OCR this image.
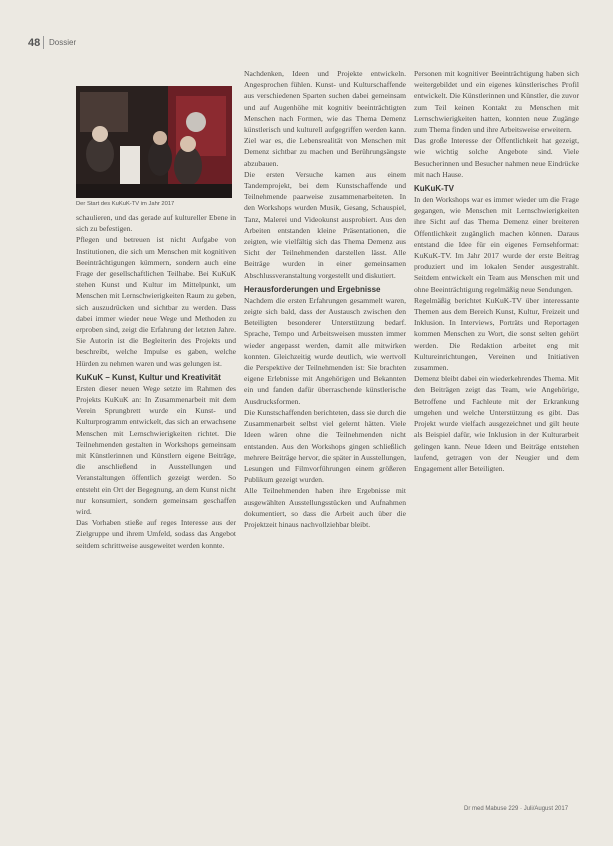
48 Dossier
Der Start des KuKuK-TV im Jahr 2017

schaulieren, und das gerade auf kultureller Ebene in sich zu befestigen.

Pflegen und betreuen ist nicht Aufgabe von Institutionen, die sich um Menschen mit kognitiven Beeinträchtigungen kümmern, sondern auch eine Frage der gesellschaftlichen Teilhabe. Bei KuKuK stehen Kunst und Kultur im Mittelpunkt, um Menschen mit Lernschwierigkeiten Raum zu geben, sich auszudrücken und sichtbar zu werden. Dass dabei immer wieder neue Wege und Methoden zu erproben sind, zeigt die Erfahrung der letzten Jahre. Sie Autorin ist die Begleiterin des Projekts und beschreibt, welche Impulse es gaben, welche Hürden zu nehmen waren und was gelungen ist.

KuKuK – Kunst, Kultur und Kreativität

Ersten dieser neuen Wege setzte im Rahmen des Projekts KuKuK an: In Zusammenarbeit mit dem Verein Sprungbrett wurde ein Kunst- und Kulturprogramm entwickelt, das sich an erwachsene Menschen mit Lernschwierigkeiten richtet. Die Teilnehmenden gestalten in Workshops gemeinsam mit Künstlerinnen und Künstlern eigene Beiträge, die anschließend in Ausstellungen und Veranstaltungen öffentlich gezeigt werden. So entsteht ein Ort der Begegnung, an dem Kunst nicht nur konsumiert, sondern gemeinsam geschaffen wird.

Das Vorhaben stieße auf reges Interesse aus der Zielgruppe und ihrem Umfeld, sodass das Angebot seitdem schrittweise ausgeweitet werden konnte.

Nachdenken, Ideen und Projekte entwickeln. Angesprochen fühlen. Kunst- und Kulturschaffende aus verschiedenen Sparten suchen dabei gemeinsam und auf Augenhöhe mit kognitiv beeinträchtigten Menschen nach Formen, wie das Thema Demenz künstlerisch und kulturell aufgegriffen werden kann. Ziel war es, die Lebensrealität von Menschen mit Demenz sichtbar zu machen und Berührungsängste abzubauen.

Die ersten Versuche kamen aus einem Tandemprojekt, bei dem Kunstschaffende und Teilnehmende paarweise zusammenarbeiteten. In den Workshops wurden Musik, Gesang, Schauspiel, Tanz, Malerei und Videokunst ausprobiert. Aus den Arbeiten entstanden kleine Präsentationen, die zeigten, wie vielfältig sich das Thema Demenz aus Sicht der Teilnehmenden darstellen lässt. Alle Beiträge wurden in einer gemeinsamen Abschlussveranstaltung vorgestellt und diskutiert.

Herausforderungen und Ergebnisse

Nachdem die ersten Erfahrungen gesammelt waren, zeigte sich bald, dass der Austausch zwischen den Beteiligten besonderer Unterstützung bedarf. Sprache, Tempo und Arbeitsweisen mussten immer wieder angepasst werden, damit alle mitwirken konnten. Gleichzeitig wurde deutlich, wie wertvoll die Perspektive der Teilnehmenden ist: Sie brachten eigene Erlebnisse mit Angehörigen und Bekannten ein und fanden dafür überraschende künstlerische Ausdrucksformen.

Die Kunstschaffenden berichteten, dass sie durch die Zusammenarbeit selbst viel gelernt hätten. Viele Ideen wären ohne die Teilnehmenden nicht entstanden. Aus den Workshops gingen schließlich mehrere Beiträge hervor, die später in Ausstellungen, Lesungen und Filmvorführungen einem größeren Publikum gezeigt wurden.

Alle Teilnehmenden haben ihre Ergebnisse mit ausgewählten Ausstellungsstücken und Aufnahmen dokumentiert, so dass die Arbeit auch über die Projektzeit hinaus nachvollziehbar bleibt.

Personen mit kognitiver Beeinträchtigung haben sich weitergebildet und ein eigenes künstlerisches Profil entwickelt. Die Künstlerinnen und Künstler, die zuvor zum Teil keinen Kontakt zu Menschen mit Lernschwierigkeiten hatten, konnten neue Zugänge zum Thema finden und ihre Arbeitsweise erweitern.

Das große Interesse der Öffentlichkeit hat gezeigt, wie wichtig solche Angebote sind. Viele Besucherinnen und Besucher nahmen neue Eindrücke mit nach Hause.

KuKuK-TV

In den Workshops war es immer wieder um die Frage gegangen, wie Menschen mit Lernschwierigkeiten ihre Sicht auf das Thema Demenz einer breiteren Öffentlichkeit zugänglich machen können. Daraus entstand die Idee für ein eigenes Fernsehformat: KuKuK-TV. Im Jahr 2017 wurde der erste Beitrag produziert und im lokalen Sender ausgestrahlt. Seitdem entwickelt ein Team aus Menschen mit und ohne Beeinträchtigung regelmäßig neue Sendungen.

Regelmäßig berichtet KuKuK-TV über interessante Themen aus dem Bereich Kunst, Kultur, Freizeit und Inklusion. In Interviews, Porträts und Reportagen kommen Menschen zu Wort, die sonst selten gehört werden. Die Redaktion arbeitet eng mit Kultureinrichtungen, Vereinen und Initiativen zusammen.

Demenz bleibt dabei ein wiederkehrendes Thema. Mit den Beiträgen zeigt das Team, wie Angehörige, Betroffene und Fachleute mit der Erkrankung umgehen und welche Unterstützung es gibt. Das Projekt wurde vielfach ausgezeichnet und gilt heute als Beispiel dafür, wie Inklusion in der Kulturarbeit gelingen kann. Neue Ideen und Beiträge entstehen laufend, getragen von der Neugier und dem Engagement aller Beteiligten.

Dr med Mabuse 229 · Juli/August 2017
